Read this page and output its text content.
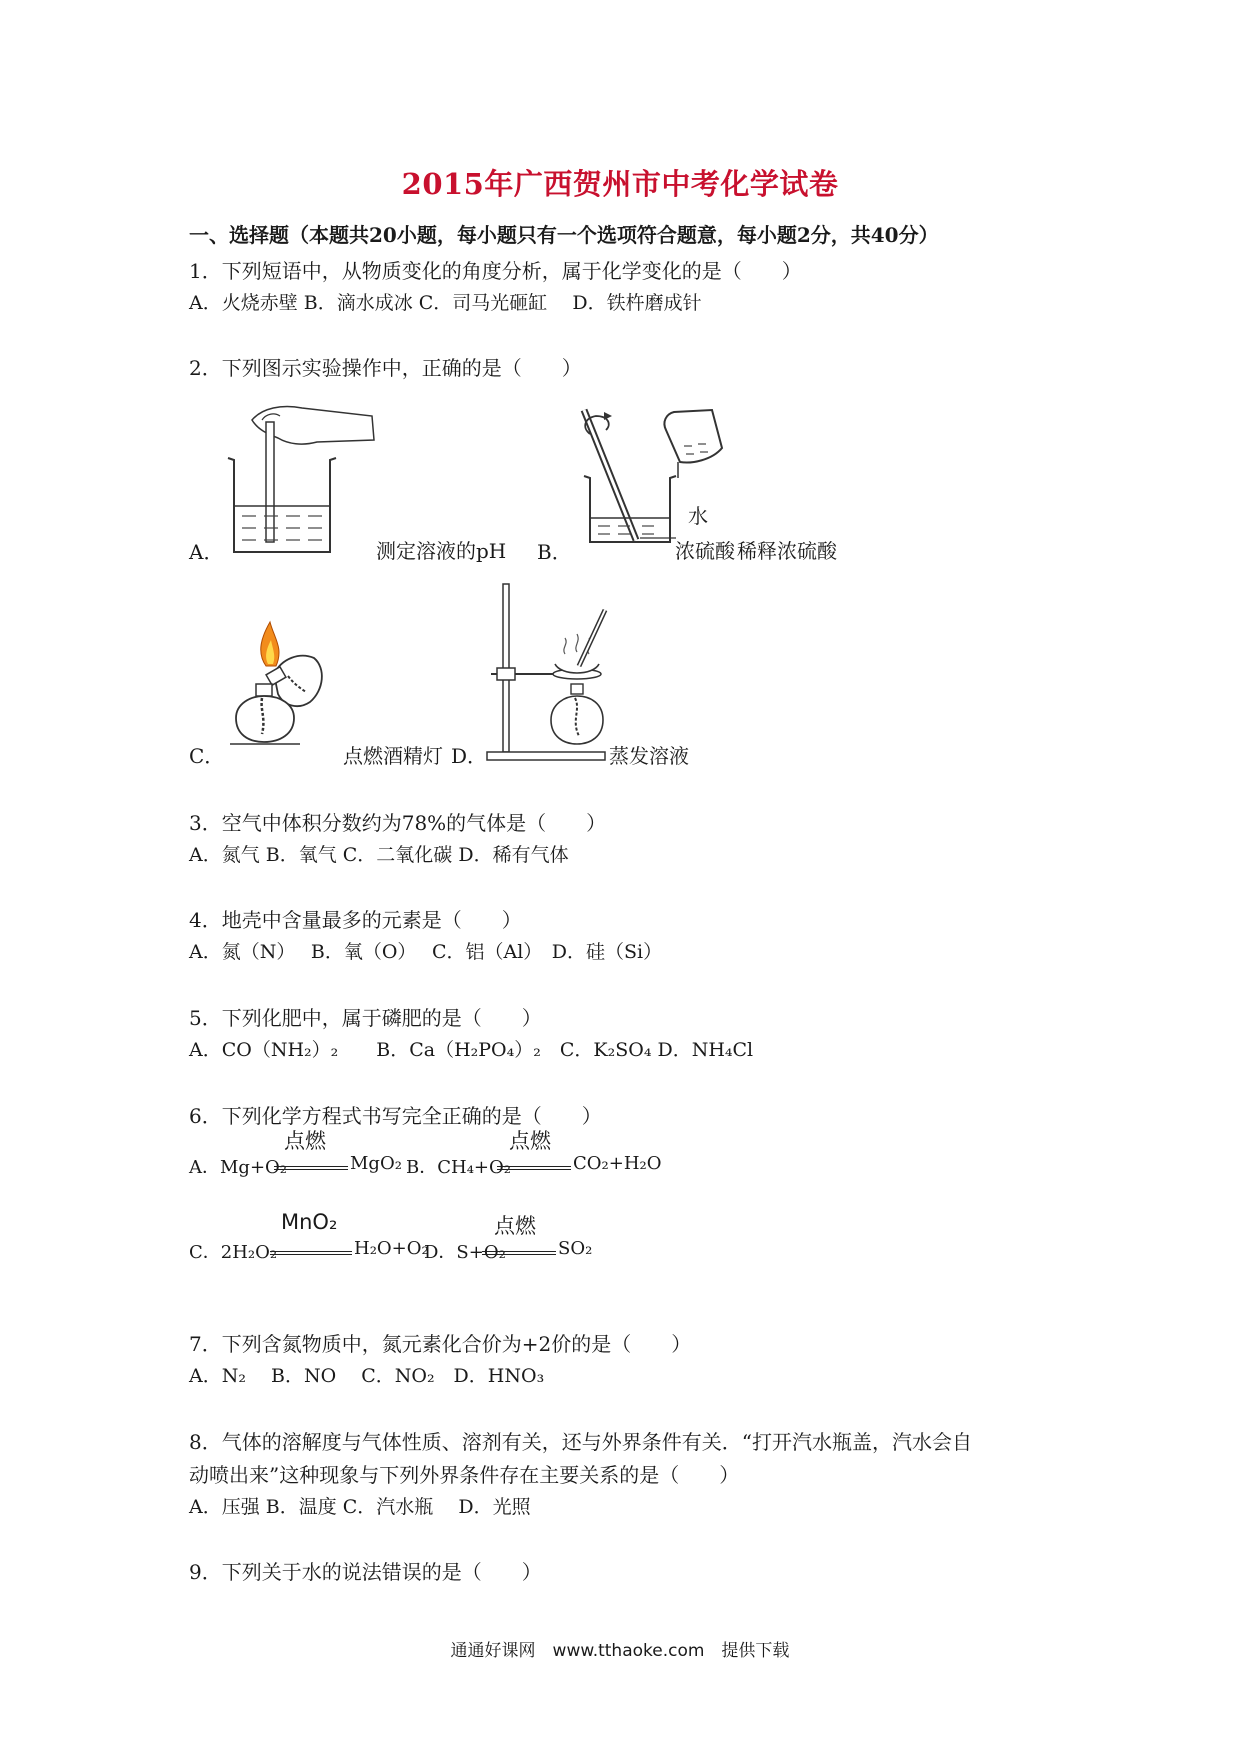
2015年广西贺州市中考化学试卷
一、选择题（本题共20小题，每小题只有一个选项符合题意，每小题2分，共40分）
1．下列短语中，从物质变化的角度分析，属于化学变化的是（　　）
A．火烧赤壁 B．滴水成冰 C．司马光砸缸　 D．铁杵磨成针
2．下列图示实验操作中，正确的是（　　）
A．	测定溶液的pH B．
水
浓硫酸 稀释浓硫酸
C．	点燃酒精灯 D．	蒸发溶液
3．空气中体积分数约为78%的气体是（　　）
A．氮气 B．氧气 C．二氧化碳 D．稀有气体
4．地壳中含量最多的元素是（　　）
A．氮（N）　 B．氧（O）　 C．铝（Al）　D．硅（Si）
5．下列化肥中，属于磷肥的是（　　）
A．CO（NH₂）₂　　B．Ca（H₂PO₄）₂　C．K₂SO₄ D．NH₄Cl
6．下列化学方程式书写完全正确的是（　　）
A．Mg+O₂
点燃
MgO₂ B．CH₄+O₂
点燃
CO₂+H₂O
C．2H₂O₂
MnO₂
H₂O+O₂
D．S+O₂
点燃
SO₂
7．下列含氮物质中，氮元素化合价为+2价的是（　　）
A．N₂　 B．NO　 C．NO₂　D．HNO₃
8．气体的溶解度与气体性质、溶剂有关，还与外界条件有关．“打开汽水瓶盖，汽水会自
动喷出来”这种现象与下列外界条件存在主要关系的是（　　）
A．压强 B．温度 C．汽水瓶　 D．光照
9．下列关于水的说法错误的是（　　）
通通好课网　www.tthaoke.com　提供下载
